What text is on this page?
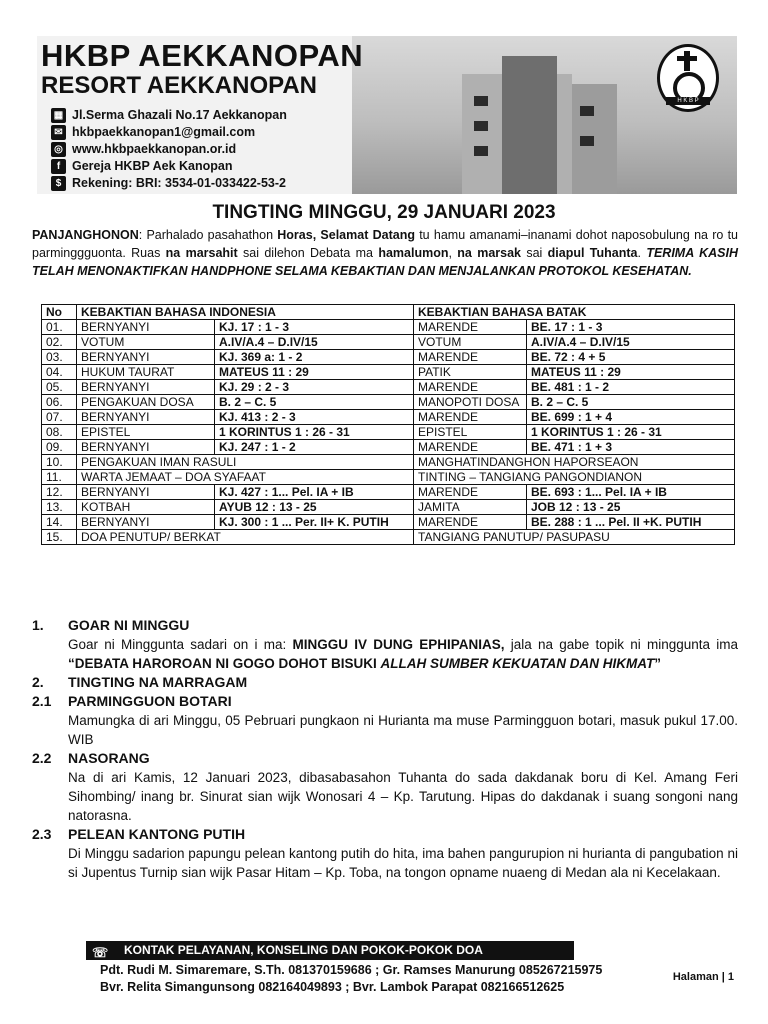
H K B P
HKBP AEKKANOPAN
RESORT AEKKANOPAN
▦ Jl.Serma Ghazali No.17 Aekkanopan
✉ hkbpaekkanopan1@gmail.com
◎ www.hkbpaekkanopan.or.id
f Gereja HKBP Aek Kanopan
$ Rekening: BRI: 3534-01-033422-53-2
TINGTING MINGGU, 29 JANUARI 2023

PANJANGHONON: Parhalado pasahathon Horas, Selamat Datang tu hamu amanami–inanami dohot naposobulung na ro tu parminggguonta. Ruas na marsahit sai dilehon Debata ma hamalumon, na marsak sai diapul Tuhanta. TERIMA KASIH TELAH MENONAKTIFKAN HANDPHONE SELAMA KEBAKTIAN DAN MENJALANKAN PROTOKOL KESEHATAN.

No	KEBAKTIAN BAHASA INDONESIA		KEBAKTIAN BAHASA BATAK	
01.	BERNYANYI	KJ. 17 : 1 - 3	MARENDE	BE. 17 : 1 - 3
02.	VOTUM	A.IV/A.4 – D.IV/15	VOTUM	A.IV/A.4 – D.IV/15
03.	BERNYANYI	KJ. 369 a: 1 - 2	MARENDE	BE. 72 : 4 + 5
04.	HUKUM TAURAT	MATEUS 11 : 29	PATIK	MATEUS 11 : 29
05.	BERNYANYI	KJ. 29 : 2 - 3	MARENDE	BE. 481 : 1 - 2
06.	PENGAKUAN DOSA	B. 2 – C. 5	MANOPOTI DOSA	B. 2 – C. 5
07.	BERNYANYI	KJ. 413 : 2 - 3	MARENDE	BE. 699 : 1 + 4
08.	EPISTEL	1 KORINTUS 1 : 26 - 31	EPISTEL	1 KORINTUS 1 : 26 - 31
09.	BERNYANYI	KJ. 247 : 1 - 2	MARENDE	BE. 471 : 1 + 3
10.	PENGAKUAN IMAN RASULI		MANGHATINDANGHON HAPORSEAON	
11.	WARTA JEMAAT – DOA SYAFAAT		TINTING – TANGIANG PANGONDIANON	
12.	BERNYANYI	KJ. 427 : 1... Pel. IA + IB	MARENDE	BE. 693 : 1... Pel. IA + IB
13.	KOTBAH	AYUB 12 : 13 - 25	JAMITA	JOB 12 : 13 - 25
14.	BERNYANYI	KJ. 300 : 1 ... Per. II+ K. PUTIH	MARENDE	BE. 288 : 1 ... Pel. II +K. PUTIH
15.	DOA PENUTUP/ BERKAT		TANGIANG PANUTUP/ PASUPASU	
1.	GOAR NI MINGGU

Goar ni Minggunta sadari on i ma: MINGGU IV DUNG EPHIPANIAS, jala na gabe topik ni minggunta ima “DEBATA HAROROAN NI GOGO DOHOT BISUKI ALLAH SUMBER KEKUATAN DAN HIKMAT”

2.	TINGTING NA MARRAGAM
2.1	PARMINGGUON BOTARI
Mamungka di ari Minggu, 05 Pebruari pungkaon ni Hurianta ma muse Parmingguon botari, masuk pukul 17.00. WIB
2.2	NASORANG
Na di ari Kamis, 12 Januari 2023, dibasabasahon Tuhanta do sada dakdanak boru di Kel. Amang Feri Sihombing/ inang br. Sinurat sian wijk Wonosari 4 – Kp. Tarutung. Hipas do dakdanak i suang songoni nang natorasna.
2.3	PELEAN KANTONG PUTIH
Di Minggu sadarion papungu pelean kantong putih do hita, ima bahen pangurupion ni hurianta di pangubation ni si Jupentus Turnip sian wijk Pasar Hitam – Kp. Toba, na tongon opname nuaeng di Medan ala ni Kecelakaan.
☏ KONTAK PELAYANAN, KONSELING DAN POKOK-POKOK DOA
Pdt. Rudi M. Simaremare, S.Th. 081370159686 ; Gr. Ramses Manurung 085267215975
Bvr. Relita Simangunsong 082164049893 ; Bvr. Lambok Parapat 082166512625
Halaman | 1
